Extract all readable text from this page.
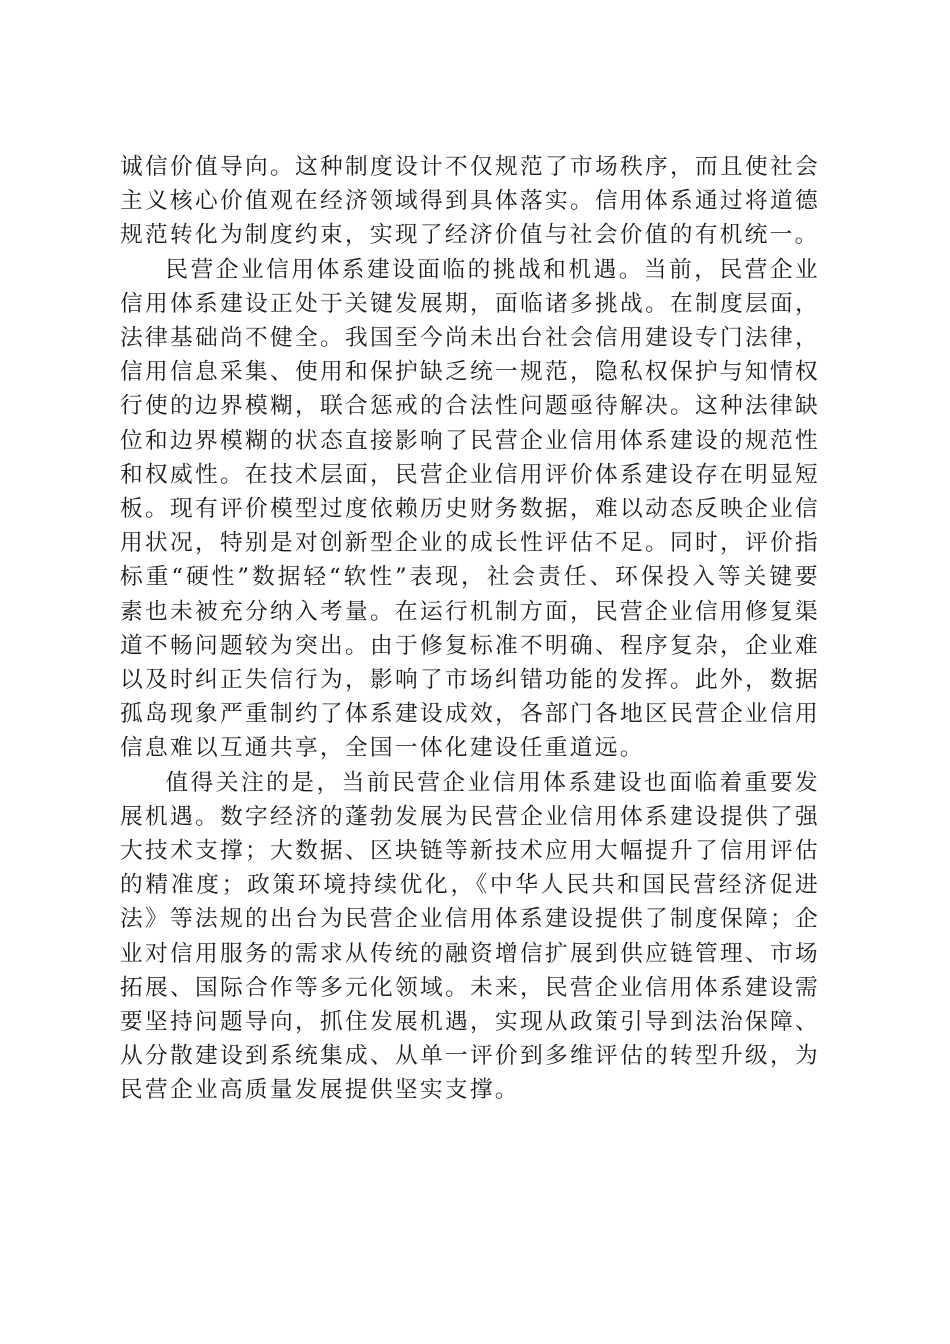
诚信价值导向。这种制度设计不仅规范了市场秩序，而且使社会主义核心价值观在经济领域得到具体落实。信用体系通过将道德规范转化为制度约束，实现了经济价值与社会价值的有机统一。

民营企业信用体系建设面临的挑战和机遇。当前，民营企业信用体系建设正处于关键发展期，面临诸多挑战。在制度层面，法律基础尚不健全。我国至今尚未出台社会信用建设专门法律，信用信息采集、使用和保护缺乏统一规范，隐私权保护与知情权行使的边界模糊，联合惩戒的合法性问题亟待解决。这种法律缺位和边界模糊的状态直接影响了民营企业信用体系建设的规范性和权威性。在技术层面，民营企业信用评价体系建设存在明显短板。现有评价模型过度依赖历史财务数据，难以动态反映企业信用状况，特别是对创新型企业的成长性评估不足。同时，评价指标重“硬性”数据轻“软性”表现，社会责任、环保投入等关键要素也未被充分纳入考量。在运行机制方面，民营企业信用修复渠道不畅问题较为突出。由于修复标准不明确、程序复杂，企业难以及时纠正失信行为，影响了市场纠错功能的发挥。此外，数据孤岛现象严重制约了体系建设成效，各部门各地区民营企业信用信息难以互通共享，全国一体化建设任重道远。

值得关注的是，当前民营企业信用体系建设也面临着重要发展机遇。数字经济的蓬勃发展为民营企业信用体系建设提供了强大技术支撑；大数据、区块链等新技术应用大幅提升了信用评估的精准度；政策环境持续优化，《中华人民共和国民营经济促进法》等法规的出台为民营企业信用体系建设提供了制度保障；企业对信用服务的需求从传统的融资增信扩展到供应链管理、市场拓展、国际合作等多元化领域。未来，民营企业信用体系建设需要坚持问题导向，抓住发展机遇，实现从政策引导到法治保障、从分散建设到系统集成、从单一评价到多维评估的转型升级，为民营企业高质量发展提供坚实支撑。
